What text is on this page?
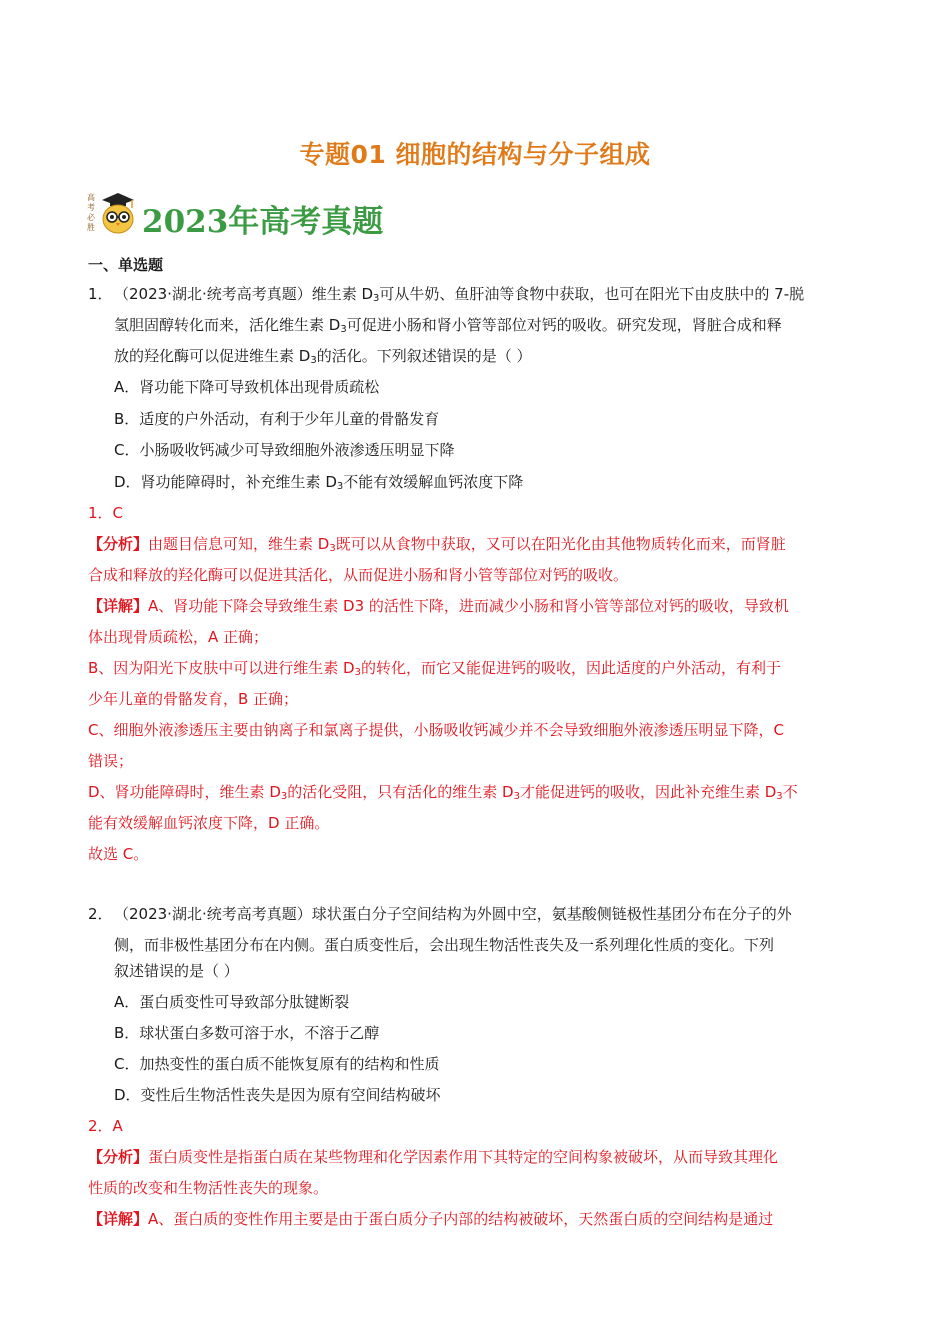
专题01 细胞的结构与分子组成
高
考
必
胜 2023年高考真题
一、单选题
1． （2023·湖北·统考高考真题）维生素 $D_3$可从牛奶、鱼肝油等食物中获取，也可在阳光下由皮肤中的 7-脱
氢胆固醇转化而来，活化维生素 $D_3$可促进小肠和肾小管等部位对钙的吸收。研究发现，肾脏合成和释
放的羟化酶可以促进维生素 $D_3$的活化。下列叙述错误的是（ ）
A．肾功能下降可导致机体出现骨质疏松
B．适度的户外活动，有利于少年儿童的骨骼发育
C．小肠吸收钙减少可导致细胞外液渗透压明显下降
D．肾功能障碍时，补充维生素 $D_3$不能有效缓解血钙浓度下降
1．C
【分析】由题目信息可知，维生素 $D_3$既可以从食物中获取，又可以在阳光化由其他物质转化而来，而肾脏
合成和释放的羟化酶可以促进其活化，从而促进小肠和肾小管等部位对钙的吸收。
【详解】A、肾功能下降会导致维生素 D3 的活性下降，进而减少小肠和肾小管等部位对钙的吸收，导致机
体出现骨质疏松，A 正确；
B、因为阳光下皮肤中可以进行维生素 $D_3$的转化，而它又能促进钙的吸收，因此适度的户外活动，有利于
少年儿童的骨骼发育，B 正确；
C、细胞外液渗透压主要由钠离子和氯离子提供，小肠吸收钙减少并不会导致细胞外液渗透压明显下降，C
错误；
D、肾功能障碍时，维生素 $D_3$的活化受阻，只有活化的维生素 $D_3$才能促进钙的吸收，因此补充维生素 $D_3$不
能有效缓解血钙浓度下降，D 正确。
故选 C。
2． （2023·湖北·统考高考真题）球状蛋白分子空间结构为外圆中空，氨基酸侧链极性基团分布在分子的外
侧，而非极性基团分布在内侧。蛋白质变性后，会出现生物活性丧失及一系列理化性质的变化。下列
叙述错误的是（ ）
A．蛋白质变性可导致部分肽键断裂
B．球状蛋白多数可溶于水，不溶于乙醇
C．加热变性的蛋白质不能恢复原有的结构和性质
D．变性后生物活性丧失是因为原有空间结构破坏
2．A
【分析】蛋白质变性是指蛋白质在某些物理和化学因素作用下其特定的空间构象被破坏，从而导致其理化
性质的改变和生物活性丧失的现象。
【详解】A、蛋白质的变性作用主要是由于蛋白质分子内部的结构被破坏，天然蛋白质的空间结构是通过
